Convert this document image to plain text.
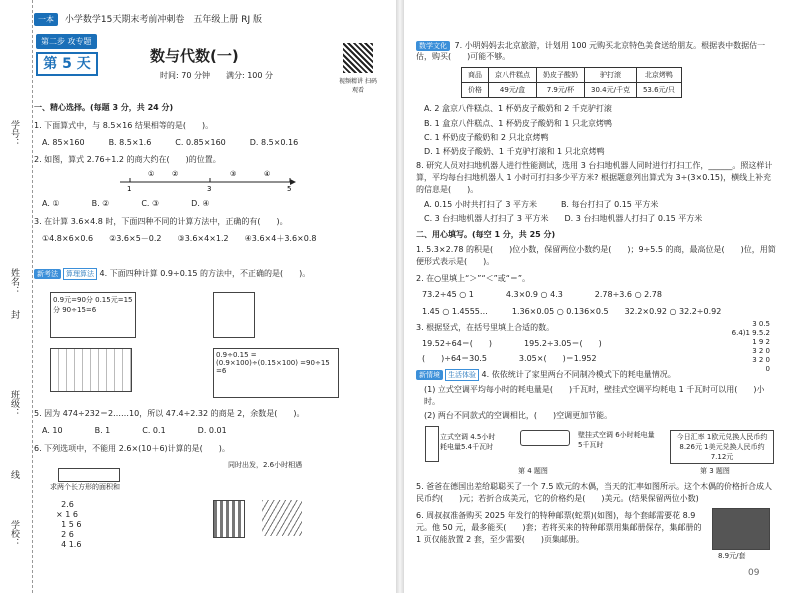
学号：
姓名：
班级：
学校：
线
封
一本 小学数学15天期末考前冲刺卷　五年级上册 RJ 版
第二步 攻专题
第 5 天	数与代数(一)
时间: 70 分钟　　满分: 100 分
视频精讲 扫码观看
一、精心选择。(每题 3 分，共 24 分)
1. 下面算式中，与 8.5×16 结果相等的是(　　)。
A. 85×160　　　B. 8.5×1.6　　　C. 0.85×160　　　D. 8.5×0.16
2. 如图，算式 2.76÷1.2 的商大约在(　　)的位置。
1	3	5
①	②	③	④
A. ①　　　　B. ②　　　　C. ③　　　　D. ④
3. 在计算 3.6×4.8 时，下面四种不同的计算方法中，正确的有(　　)。
①4.8×6×0.6　　②3.6×5－0.2　　③3.6×4×1.2　　④3.6×4＋3.6×0.8
新考法 算理算法 4. 下面四种计算 0.9÷0.15 的方法中，不正确的是(　　)。
0.9元=90分 0.15元=15分 90÷15=6
0.9÷0.15 =(0.9×100)÷(0.15×100) =90÷15 =6
5. 因为 474÷232＝2……10，所以 47.4÷2.32 的商是 2，余数是(　　)。
A. 10　　　　B. 1　　　　C. 0.1　　　　D. 0.01
6. 下列选项中，不能用 2.6×(10＋6)计算的是(　　)。
求两个长方形的面积和
同时出发，2.6小时相遇
2.6
× 1 6
1 5 6
2 6
4 1.6
数学文化 7. 小明妈妈去北京旅游，计划用 100 元购买北京特色美食送给朋友。根据表中数据估一估，购买(　　)可能不够。
商品	京八件糕点	奶皮子酸奶	驴打滚	北京烤鸭
价格	49元/盒	7.9元/杯	30.4元/千克	53.6元/只
A. 2 盒京八件糕点、1 杯奶皮子酸奶和 2 千克驴打滚
B. 1 盒京八件糕点、1 杯奶皮子酸奶和 1 只北京烤鸭
C. 1 杯奶皮子酸奶和 2 只北京烤鸭
D. 1 杯奶皮子酸奶、1 千克驴打滚和 1 只北京烤鸭
8. 研究人员对扫地机器人进行性能测试，选用 3 台扫地机器人同时进行打扫工作，______。照这样计算，平均每台扫地机器人 1 小时可打扫多少平方米? 根据题意列出算式为 3÷(3×0.15)，横线上补充的信息是(　　)。
A. 0.15 小时共打扫了 3 平方米　　　B. 每台打扫了 0.15 平方米
C. 3 台扫地机器人打扫了 3 平方米　　D. 3 台扫地机器人打扫了 0.15 平方米
二、用心填写。(每空 1 分，共 25 分)
1. 5.3×2.78 的积是(　　)位小数，保留两位小数约是(　　)；9÷5.5 的商，最高位是(　　)位，用简便形式表示是(　　)。
2. 在○里填上“＞”“＜”或“＝”。
73.2÷45 ○ 1　　　　4.3×0.9 ○ 4.3　　　　2.78÷3.6 ○ 2.78
1.45 ○ 1.4555…　　　1.36×0.05 ○ 0.136×0.5　　32.2×0.92 ○ 32.2÷0.92
3. 根据竖式，在括号里填上合适的数。
19.52÷64＝(　　)　　　　195.2÷3.05＝(　　)
(　　)÷64＝30.5　　　　3.05×(　　)＝1.952
3 0.5
6.4)1 9.5.2
1 9 2
3 2 0
3 2 0
0
新情境 生活体验 4. 依依统计了家里两台不同制冷模式下的耗电量情况。
(1) 立式空调平均每小时的耗电量是(　　)千瓦时，壁挂式空调平均耗电 1 千瓦时可以用(　　)小时。
(2) 两台不同款式的空调相比，(　　)空调更加节能。
立式空调 4.5小时耗电量5.4千瓦时
壁挂式空调 6小时耗电量5千瓦时
今日汇率 1欧元兑换人民币约8.26元 1美元兑换人民币约7.12元
第 4 题图	第 3 题图
5. 爸爸在德国出差给聪聪买了一个 7.5 欧元的木偶，当天的汇率如图所示。这个木偶的价格折合成人民币约(　　)元；若折合成美元，它的价格约是(　　)美元。(结果保留两位小数)
6. 周叔叔准备购买 2025 年发行的特种邮票(蛇票)(如图)，每个套邮需要花 8.9 元。他 50 元，最多能买(　　)套；若将买来的特种邮票用集邮册保存，集邮册的 1 页仅能放置 2 套，至少需要(　　)页集邮册。
8.9元/套
09
